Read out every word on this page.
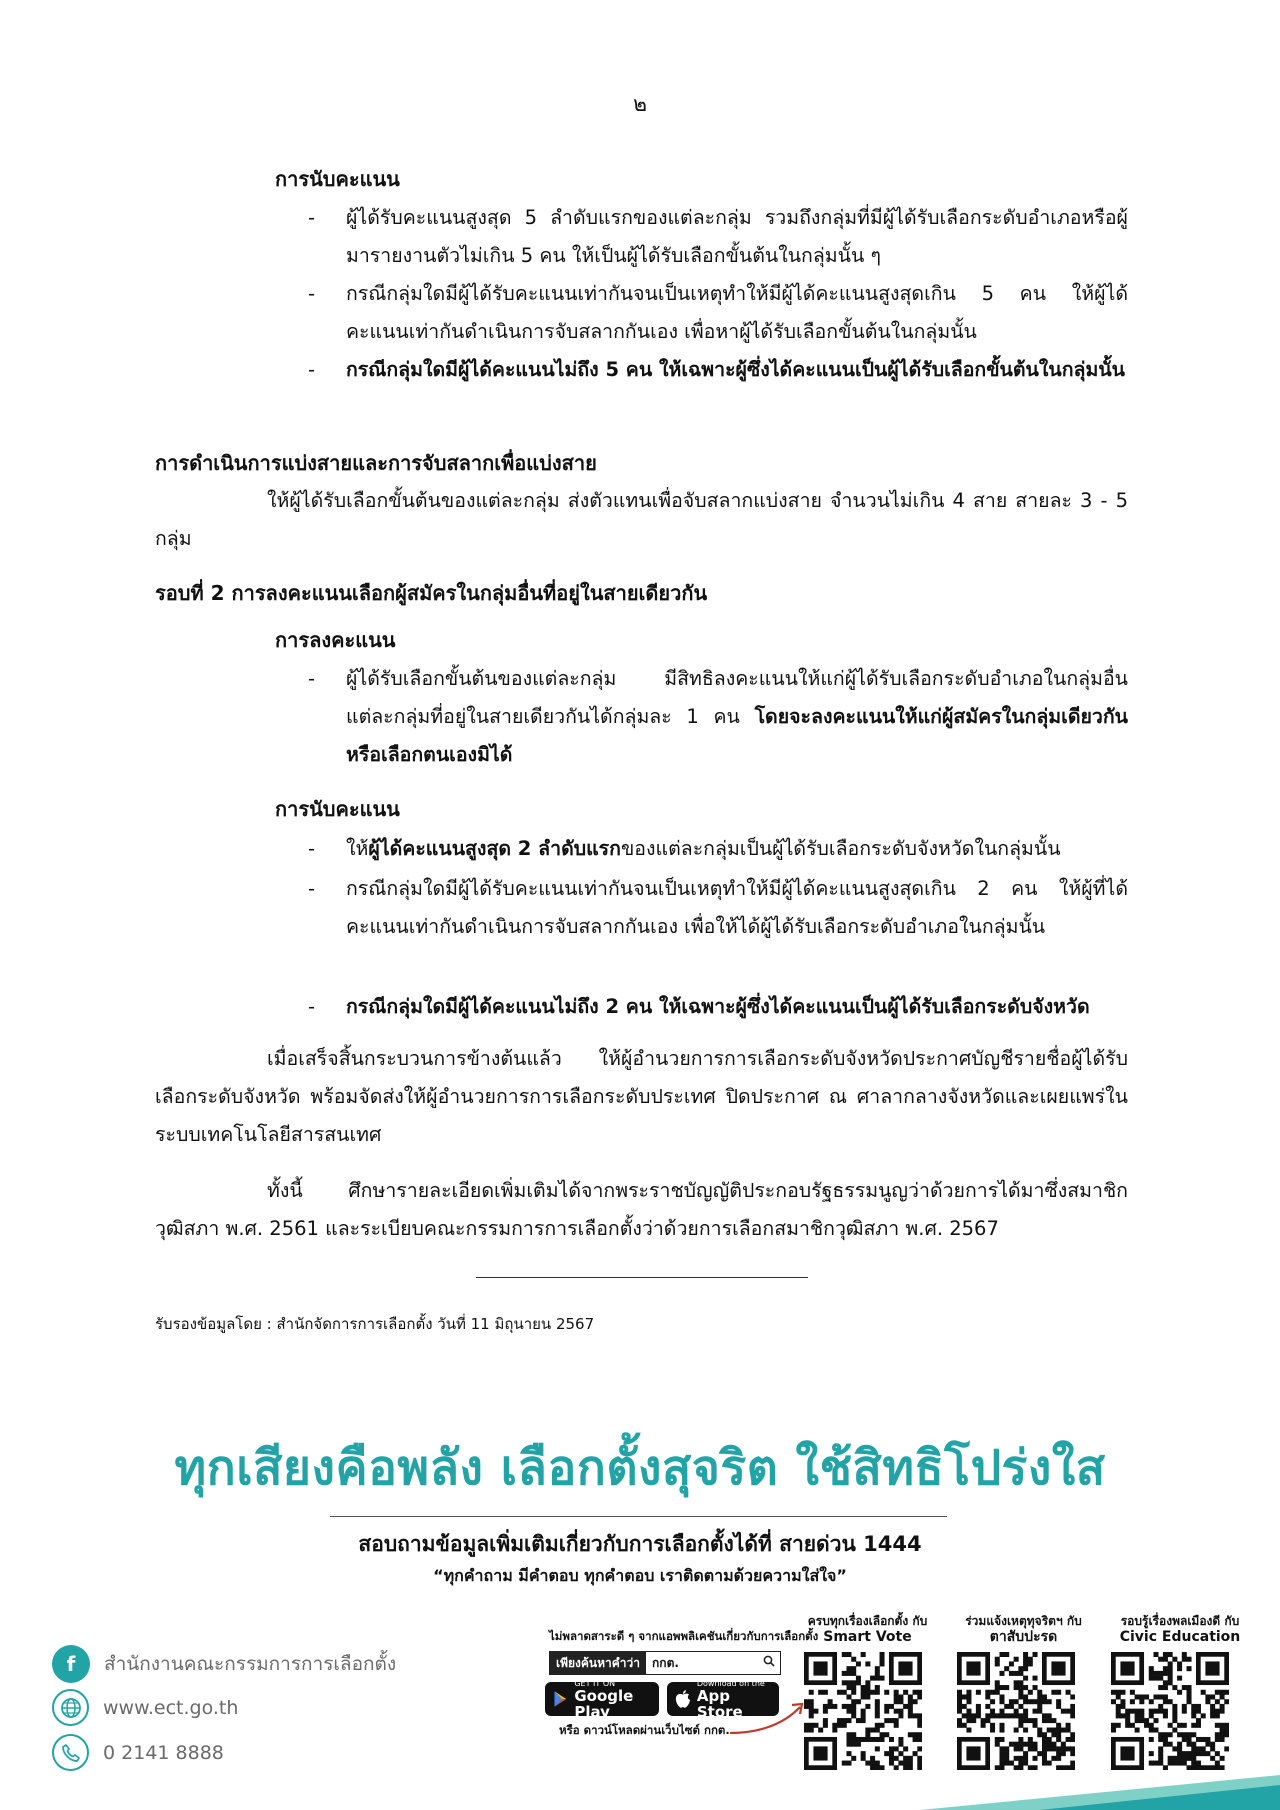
๒
การนับคะแนน
- ผู้ได้รับคะแนนสูงสุด 5 ลำดับแรกของแต่ละกลุ่ม รวมถึงกลุ่มที่มีผู้ได้รับเลือกระดับอำเภอหรือผู้มารายงานตัวไม่เกิน 5 คน ให้เป็นผู้ได้รับเลือกขั้นต้นในกลุ่มนั้น ๆ
- กรณีกลุ่มใดมีผู้ได้รับคะแนนเท่ากันจนเป็นเหตุทำให้มีผู้ได้คะแนนสูงสุดเกิน 5 คน ให้ผู้ได้คะแนนเท่ากันดำเนินการจับสลากกันเอง เพื่อหาผู้ได้รับเลือกขั้นต้นในกลุ่มนั้น
- กรณีกลุ่มใดมีผู้ได้คะแนนไม่ถึง 5 คน ให้เฉพาะผู้ซึ่งได้คะแนนเป็นผู้ได้รับเลือกขั้นต้นในกลุ่มนั้น
การดำเนินการแบ่งสายและการจับสลากเพื่อแบ่งสาย
ให้ผู้ได้รับเลือกขั้นต้นของแต่ละกลุ่ม ส่งตัวแทนเพื่อจับสลากแบ่งสาย จำนวนไม่เกิน 4 สาย สายละ 3 - 5 กลุ่ม
รอบที่ 2 การลงคะแนนเลือกผู้สมัครในกลุ่มอื่นที่อยู่ในสายเดียวกัน
การลงคะแนน
- ผู้ได้รับเลือกขั้นต้นของแต่ละกลุ่ม มีสิทธิลงคะแนนให้แก่ผู้ได้รับเลือกระดับอำเภอในกลุ่มอื่นแต่ละกลุ่มที่อยู่ในสายเดียวกันได้กลุ่มละ 1 คน โดยจะลงคะแนนให้แก่ผู้สมัครในกลุ่มเดียวกันหรือเลือกตนเองมิได้
การนับคะแนน
- ให้ผู้ได้คะแนนสูงสุด 2 ลำดับแรกของแต่ละกลุ่มเป็นผู้ได้รับเลือกระดับจังหวัดในกลุ่มนั้น
- กรณีกลุ่มใดมีผู้ได้รับคะแนนเท่ากันจนเป็นเหตุทำให้มีผู้ได้คะแนนสูงสุดเกิน 2 คน ให้ผู้ที่ได้คะแนนเท่ากันดำเนินการจับสลากกันเอง เพื่อให้ได้ผู้ได้รับเลือกระดับอำเภอในกลุ่มนั้น
- กรณีกลุ่มใดมีผู้ได้คะแนนไม่ถึง 2 คน ให้เฉพาะผู้ซึ่งได้คะแนนเป็นผู้ได้รับเลือกระดับจังหวัด
เมื่อเสร็จสิ้นกระบวนการข้างต้นแล้ว ให้ผู้อำนวยการการเลือกระดับจังหวัดประกาศบัญชีรายชื่อผู้ได้รับเลือกระดับจังหวัด พร้อมจัดส่งให้ผู้อำนวยการการเลือกระดับประเทศ ปิดประกาศ ณ ศาลากลางจังหวัดและเผยแพร่ในระบบเทคโนโลยีสารสนเทศ
ทั้งนี้ ศึกษารายละเอียดเพิ่มเติมได้จากพระราชบัญญัติประกอบรัฐธรรมนูญว่าด้วยการได้มาซึ่งสมาชิกวุฒิสภา พ.ศ. 2561 และระเบียบคณะกรรมการการเลือกตั้งว่าด้วยการเลือกสมาชิกวุฒิสภา พ.ศ. 2567
รับรองข้อมูลโดย : สำนักจัดการการเลือกตั้ง วันที่ 11 มิถุนายน 2567
ทุกเสียงคือพลัง เลือกตั้งสุจริต ใช้สิทธิโปร่งใส
สอบถามข้อมูลเพิ่มเติมเกี่ยวกับการเลือกตั้งได้ที่ สายด่วน 1444
“ทุกคำถาม มีคำตอบ ทุกคำตอบ เราติดตามด้วยความใส่ใจ”
f	สำนักงานคณะกรรมการการเลือกตั้ง
www.ect.go.th
0 2141 8888
ไม่พลาดสาระดี ๆ จากแอพพลิเคชันเกี่ยวกับการเลือกตั้ง
เพียงค้นหาคำว่า	กกต.
GET IT ON
Google Play
Download on the
App Store
หรือ ดาวน์โหลดผ่านเว็บไซต์ กกต.
ครบทุกเรื่องเลือกตั้ง กับ
Smart Vote
ร่วมแจ้งเหตุทุจริตฯ กับ
ตาสับปะรด
รอบรู้เรื่องพลเมืองดี กับ
Civic Education
